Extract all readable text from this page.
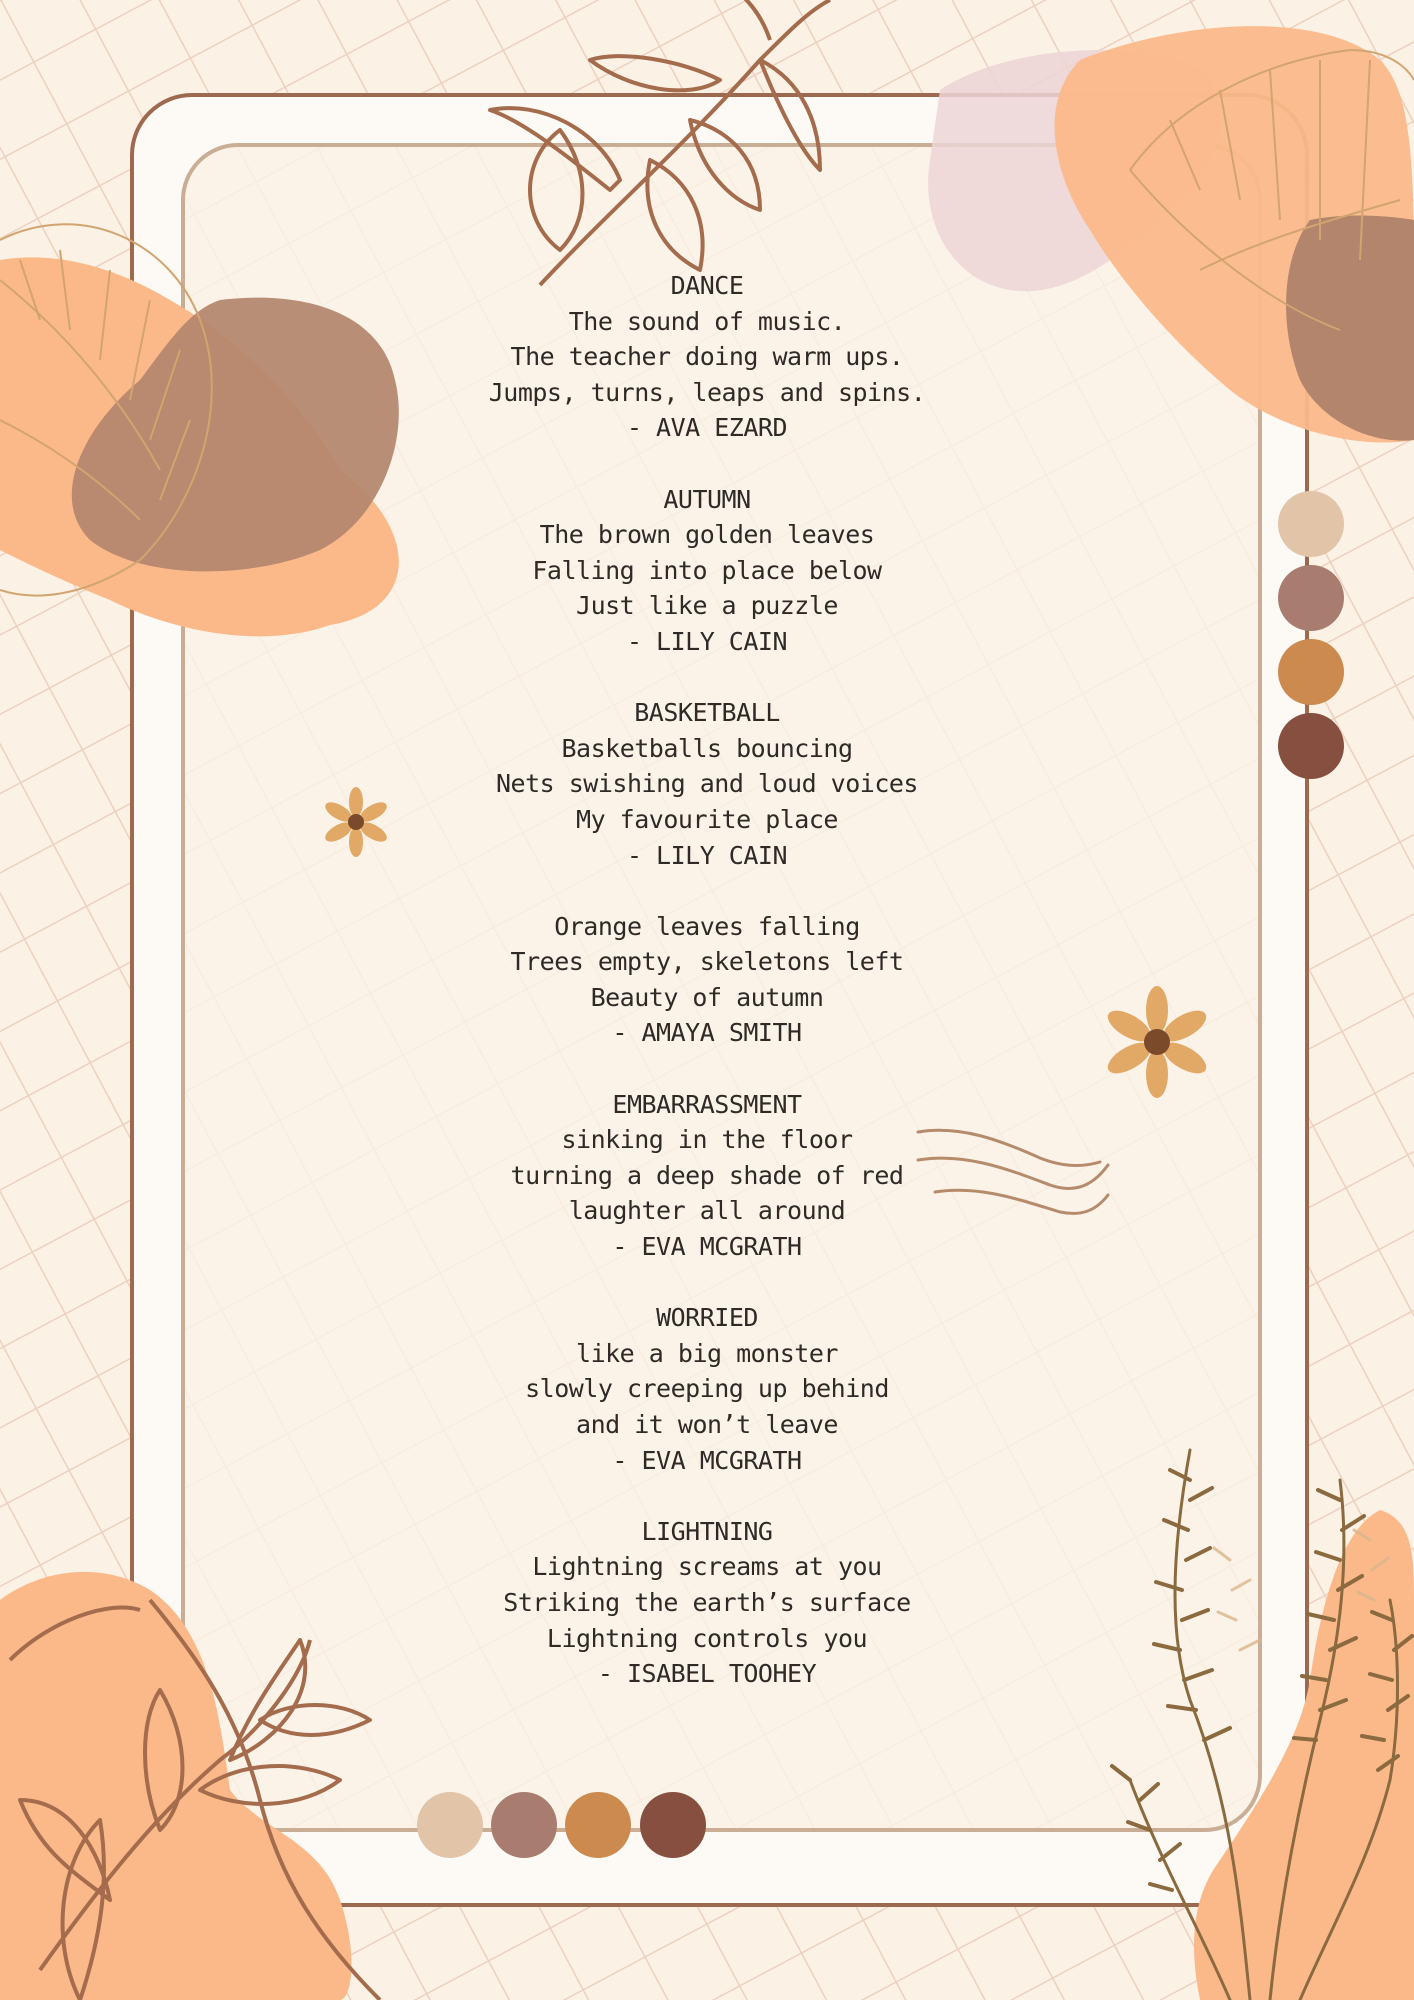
DANCE
The sound of music.
The teacher doing warm ups.
Jumps, turns, leaps and spins.
- AVA EZARD
AUTUMN
The brown golden leaves
Falling into place below
Just like a puzzle
- LILY CAIN
BASKETBALL
Basketballs bouncing
Nets swishing and loud voices
My favourite place
- LILY CAIN
Orange leaves falling
Trees empty, skeletons left
Beauty of autumn
- AMAYA SMITH
EMBARRASSMENT
sinking in the floor
turning a deep shade of red
laughter all around
- EVA MCGRATH
WORRIED
like a big monster
slowly creeping up behind
and it won’t leave
- EVA MCGRATH
LIGHTNING
Lightning screams at you
Striking the earth’s surface
Lightning controls you
- ISABEL TOOHEY
